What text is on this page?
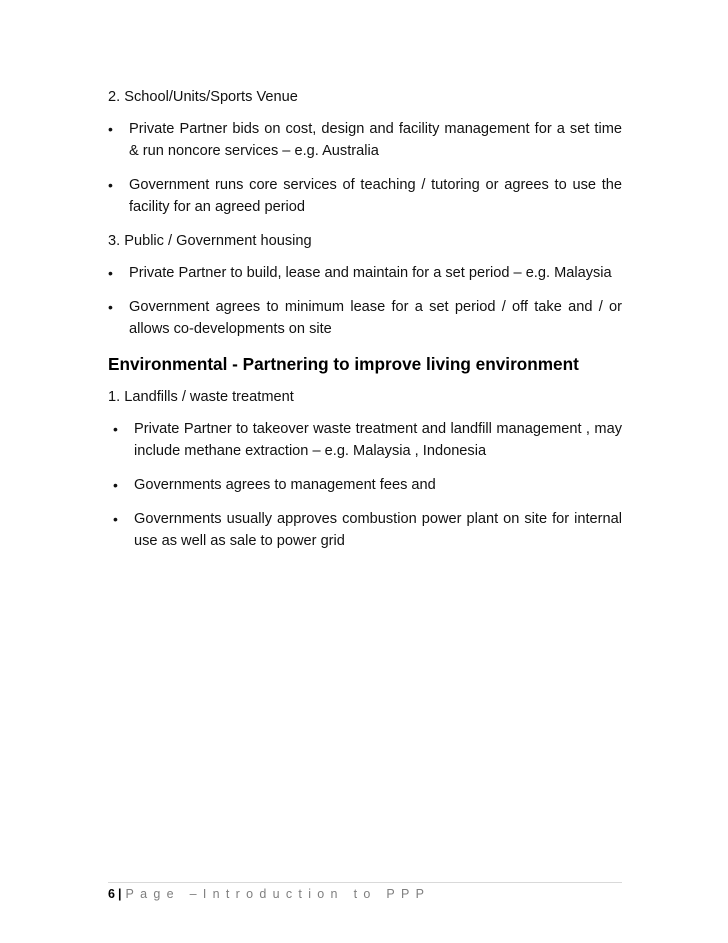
2. School/Units/Sports Venue

•	Private Partner bids on cost, design and facility management for a set time & run noncore services – e.g. Australia
•	Government runs core services of teaching / tutoring or agrees to use the facility for an agreed period

3. Public / Government housing

•	Private Partner to build, lease and maintain for a set period – e.g. Malaysia
•	Government agrees to minimum lease for a set period / off take and / or allows co-developments on site
Environmental - Partnering to improve living environment

1. Landfills / waste treatment

•	Private Partner to takeover waste treatment and landfill management , may include methane extraction – e.g. Malaysia , Indonesia
•	Governments agrees to management fees and
•	Governments usually approves combustion power plant on site for internal use as well as sale to power grid
6 | Page –Introduction to PPP
